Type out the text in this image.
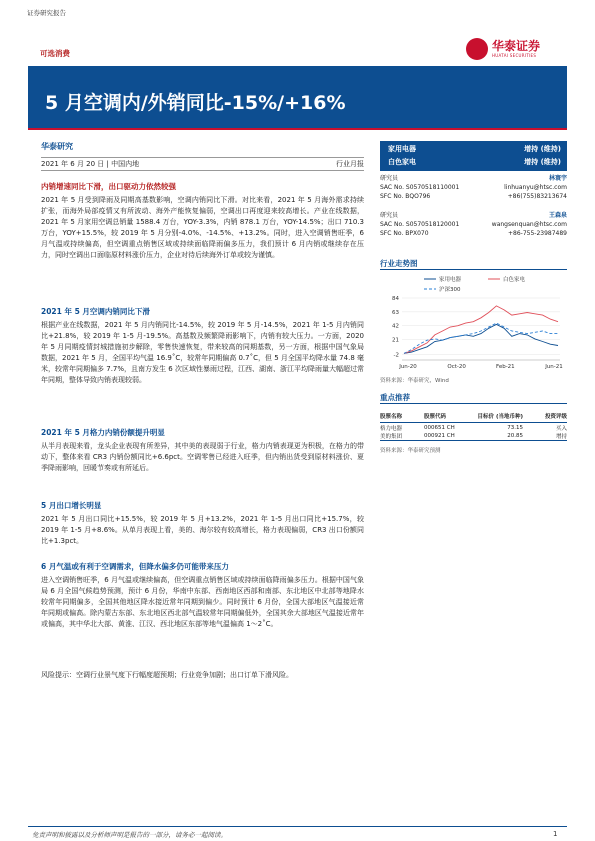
证券研究报告
可选消费
华泰证券
HUATAI SECURITIES
5 月空调内/外销同比-15%/+16%
华泰研究
2021 年 6 月 20 日 | 中国内地	行业月报
内销增速同比下滑，出口驱动力依然较强
2021 年 5 月受到降雨及同期高基数影响，空调内销同比下滑。对比来看，2021 年 5 月海外需求持续扩张，而海外局部疫情又有所波动、海外产能恢复偏弱，空调出口再度迎来较高增长。产业在线数据，2021 年 5 月家用空调总销量 1588.4 万台，YOY-3.3%，内销 878.1 万台，YOY-14.5%；出口 710.3 万台，YOY+15.5%，较 2019 年 5 月分别-4.0%、-14.5%、+13.2%。同时，进入空调销售旺季，6 月气温或持续偏高，但空调重点销售区域或持续面临降雨偏多压力，我们预计 6 月内销或继续存在压力，同时空调出口面临原材料涨价压力，企业对待后续海外订单或较为谨慎。
2021 年 5 月空调内销同比下滑
根据产业在线数据，2021 年 5 月内销同比-14.5%，较 2019 年 5 月-14.5%，2021 年 1-5 月内销同比+21.8%，较 2019 年 1-5 月-19.5%。高基数及频繁降雨影响下，内销有较大压力。一方面，2020 年 5 月同期疫情封城措施初步解除，零售快速恢复，带来较高的同期基数，另一方面，根据中国气象局数据，2021 年 5 月，全国平均气温 16.9˚C，较常年同期偏高 0.7˚C，但 5 月全国平均降水量 74.8 毫米，较常年同期偏多 7.7%，且南方发生 6 次区域性暴雨过程，江西、湖南、浙江平均降雨量大幅超过常年同期，整体导致内销表现较弱。
2021 年 5 月格力内销份额提升明显
从半月表现来看，龙头企业表现有所差异，其中美的表现弱于行业，格力内销表现更为积极，在格力的带动下，整体来看 CR3 内销份额同比+6.6pct。空调零售已经进入旺季，但内销出货受到原材料涨价、夏季降雨影响，回暖节奏或有所延后。
5 月出口增长明显
2021 年 5 月出口同比+15.5%，较 2019 年 5 月+13.2%，2021 年 1-5 月出口同比+15.7%，较 2019 年 1-5 月+8.6%。从单月表现上看，美的、海尔较有较高增长，格力表现偏弱，CR3 出口份额同比+1.3pct。
6 月气温或有利于空调需求，但降水偏多仍可能带来压力
进入空调销售旺季，6 月气温或继续偏高，但空调重点销售区域或持续面临降雨偏多压力。根据中国气象局 6 月全国气候趋势预测，预计 6 月份，华南中东部、西南地区西部和南部、东北地区中北部等地降水较常年同期偏多，全国其他地区降水接近常年同期到偏少。同时预计 6 月份，全国大部地区气温接近常年同期或偏高。除内蒙古东部、东北地区西北部气温较常年同期偏低外，全国其余大部地区气温接近常年或偏高，其中华北大部、黄淮、江汉、西北地区东部等地气温偏高 1～2˚C。
风险提示：空调行业景气度下行幅度超预期；行业竞争加剧；出口订单下滑风险。
家用电器	增持 (维持)
白色家电	增持 (维持)
研究员	林寰宇
SAC No. S0570518110001	linhuanyu@htsc.com
SFC No. BQO796	+86(755)83213674
研究员	王森泉
SAC No. S0570518120001	wangsenquan@htsc.com
SFC No. BPX070	+86-755-23987489
行业走势图
家用电器	白色家电
沪深300
-2
21
42
63
84
Jun-20	Oct-20	Feb-21	Jun-21
资料来源：华泰研究，Wind
重点推荐
股票名称	股票代码	目标价 (当地币种)	投资评级
格力电器	000651 CH	73.15	买入
美的集团	000921 CH	20.85	增持
资料来源：华泰研究预测
免责声明和披露以及分析师声明是报告的一部分，请务必一起阅读。	1
